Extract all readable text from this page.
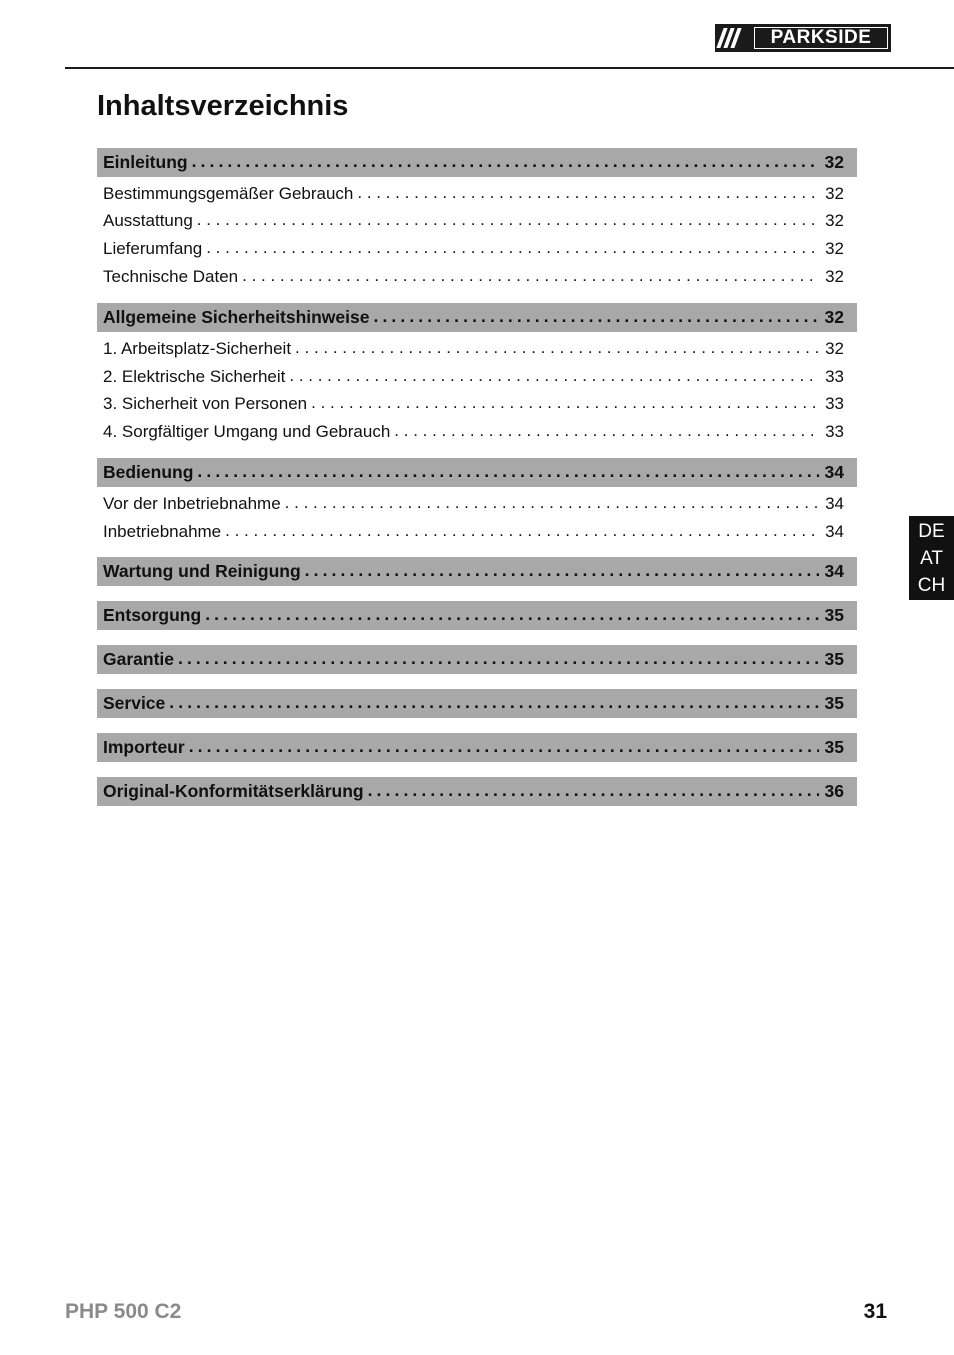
PARKSIDE
Inhaltsverzeichnis
Einleitung .....	32
Bestimmungsgemäßer Gebrauch . . .	32
Ausstattung . . .	32
Lieferumfang . . .	32
Technische Daten . . .	32
Allgemeine Sicherheitshinweise .....	32
1. Arbeitsplatz-Sicherheit . . .	32
2. Elektrische Sicherheit . . .	33
3. Sicherheit von Personen . . .	33
4. Sorgfältiger Umgang und Gebrauch . . .	33
Bedienung .....	34
Vor der Inbetriebnahme . . .	34
Inbetriebnahme . . .	34
Wartung und Reinigung .....	34
Entsorgung .....	35
Garantie .....	35
Service .....	35
Importeur .....	35
Original-Konformitätserklärung .....	36
DE
AT
CH
PHP 500 C2	31
